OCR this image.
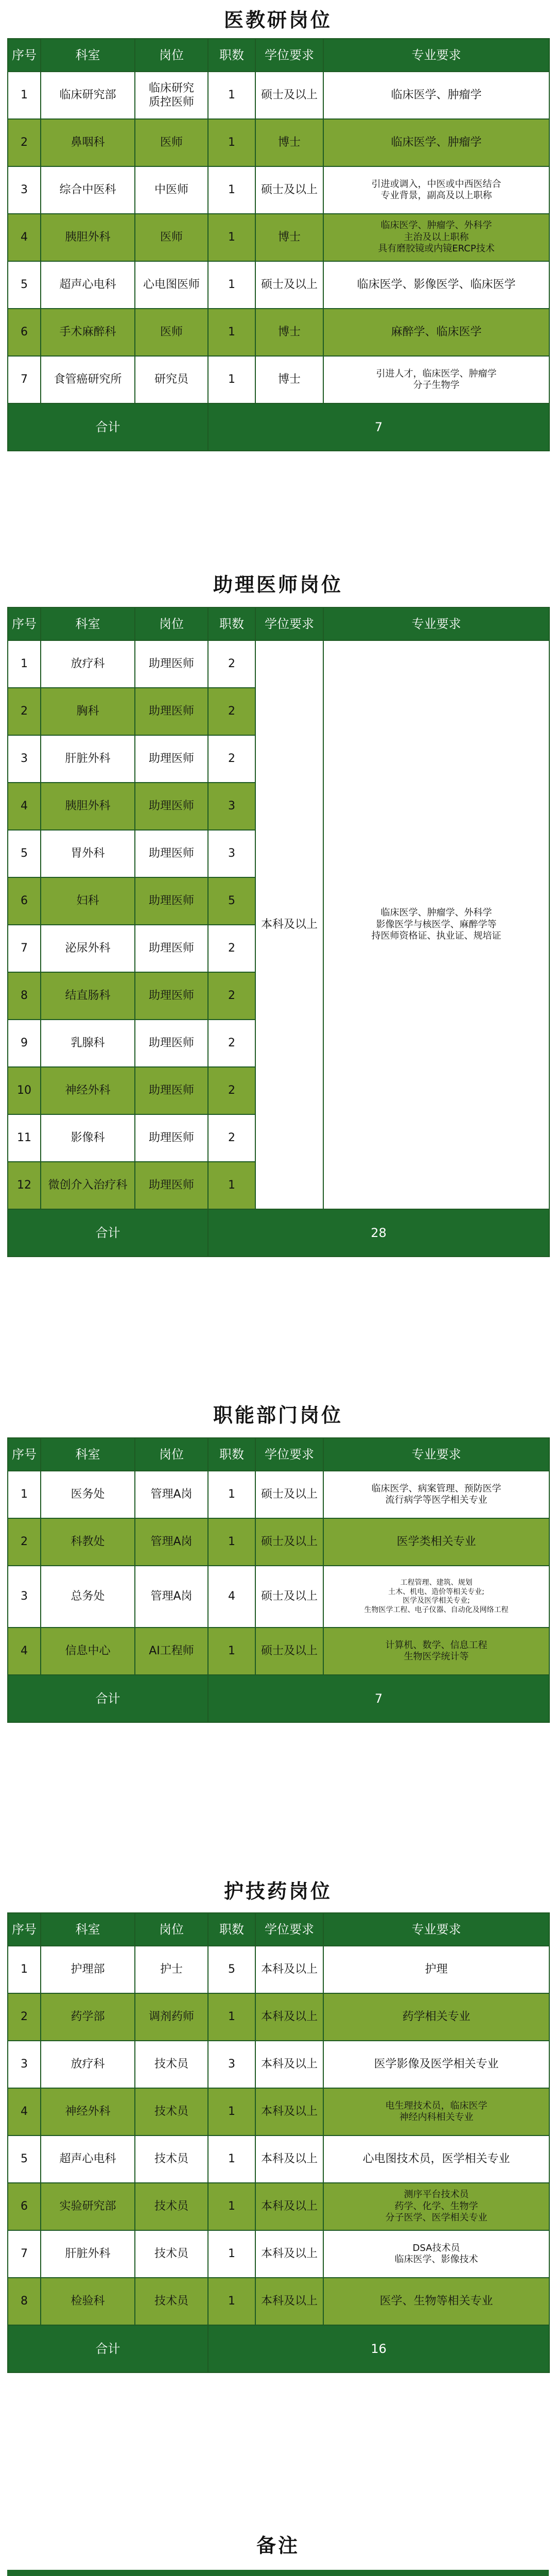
医教研岗位
序号	科室	岗位	职数	学位要求	专业要求
1	临床研究部	临床研究
质控医师	1	硕士及以上	临床医学、肿瘤学
2	鼻咽科	医师	1	博士	临床医学、肿瘤学
3	综合中医科	中医师	1	硕士及以上	引进或调入，中医或中西医结合
专业背景，副高及以上职称
4	胰胆外科	医师	1	博士	临床医学、肿瘤学、外科学
主治及以上职称
具有磨胶镜或内镜ERCP技术
5	超声心电科	心电图医师	1	硕士及以上	临床医学、影像医学、临床医学
6	手术麻醉科	医师	1	博士	麻醉学、临床医学
7	食管癌研究所	研究员	1	博士	引进人才，临床医学、肿瘤学
分子生物学
合计			7		
助理医师岗位
序号	科室	岗位	职数	学位要求	专业要求
1	放疗科	助理医师	2	本科及以上	临床医学、肿瘤学、外科学
影像医学与核医学、麻醉学等
持医师资格证、执业证、规培证
2	胸科	助理医师	2		
3	肝脏外科	助理医师	2		
4	胰胆外科	助理医师	3		
5	胃外科	助理医师	3		
6	妇科	助理医师	5		
7	泌尿外科	助理医师	2		
8	结直肠科	助理医师	2		
9	乳腺科	助理医师	2		
10	神经外科	助理医师	2		
11	影像科	助理医师	2		
12	微创介入治疗科	助理医师	1		
合计			28		
职能部门岗位
序号	科室	岗位	职数	学位要求	专业要求
1	医务处	管理A岗	1	硕士及以上	临床医学、病案管理、预防医学
流行病学等医学相关专业
2	科教处	管理A岗	1	硕士及以上	医学类相关专业
3	总务处	管理A岗	4	硕士及以上	工程管理、建筑、规划
土木、机电、造价等相关专业;
医学及医学相关专业;
生物医学工程、电子仪器、自动化及网络工程
4	信息中心	AI工程师	1	硕士及以上	计算机、数学、信息工程
生物医学统计等
合计			7		
护技药岗位
序号	科室	岗位	职数	学位要求	专业要求
1	护理部	护士	5	本科及以上	护理
2	药学部	调剂药师	1	本科及以上	药学相关专业
3	放疗科	技术员	3	本科及以上	医学影像及医学相关专业
4	神经外科	技术员	1	本科及以上	电生理技术员，临床医学
神经内科相关专业
5	超声心电科	技术员	1	本科及以上	心电图技术员，医学相关专业
6	实验研究部	技术员	1	本科及以上	测序平台技术员
药学、化学、生物学
分子医学、医学相关专业
7	肝脏外科	技术员	1	本科及以上	DSA技术员
临床医学、影像技术
8	检验科	技术员	1	本科及以上	医学、生物等相关专业
合计			16		
备注
